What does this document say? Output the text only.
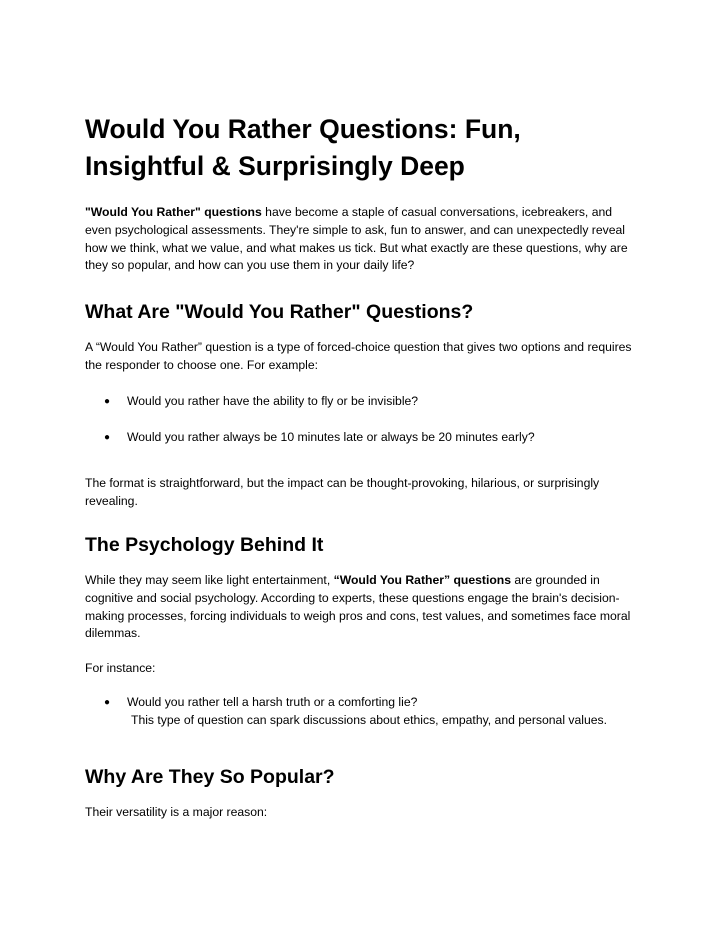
Would You Rather Questions: Fun,
Insightful & Surprisingly Deep

"Would You Rather" questions have become a staple of casual conversations, icebreakers, and even psychological assessments. They're simple to ask, fun to answer, and can unexpectedly reveal how we think, what we value, and what makes us tick. But what exactly are these questions, why are they so popular, and how can you use them in your daily life?

What Are "Would You Rather" Questions?

A “Would You Rather” question is a type of forced-choice question that gives two options and requires the responder to choose one. For example:

● Would you rather have the ability to fly or be invisible?
● Would you rather always be 10 minutes late or always be 20 minutes early?

The format is straightforward, but the impact can be thought-provoking, hilarious, or surprisingly revealing.

The Psychology Behind It

While they may seem like light entertainment, “Would You Rather” questions are grounded in cognitive and social psychology. According to experts, these questions engage the brain's decision-making processes, forcing individuals to weigh pros and cons, test values, and sometimes face moral dilemmas.

For instance:

● Would you rather tell a harsh truth or a comforting lie?
This type of question can spark discussions about ethics, empathy, and personal values.
Why Are They So Popular?

Their versatility is a major reason:
